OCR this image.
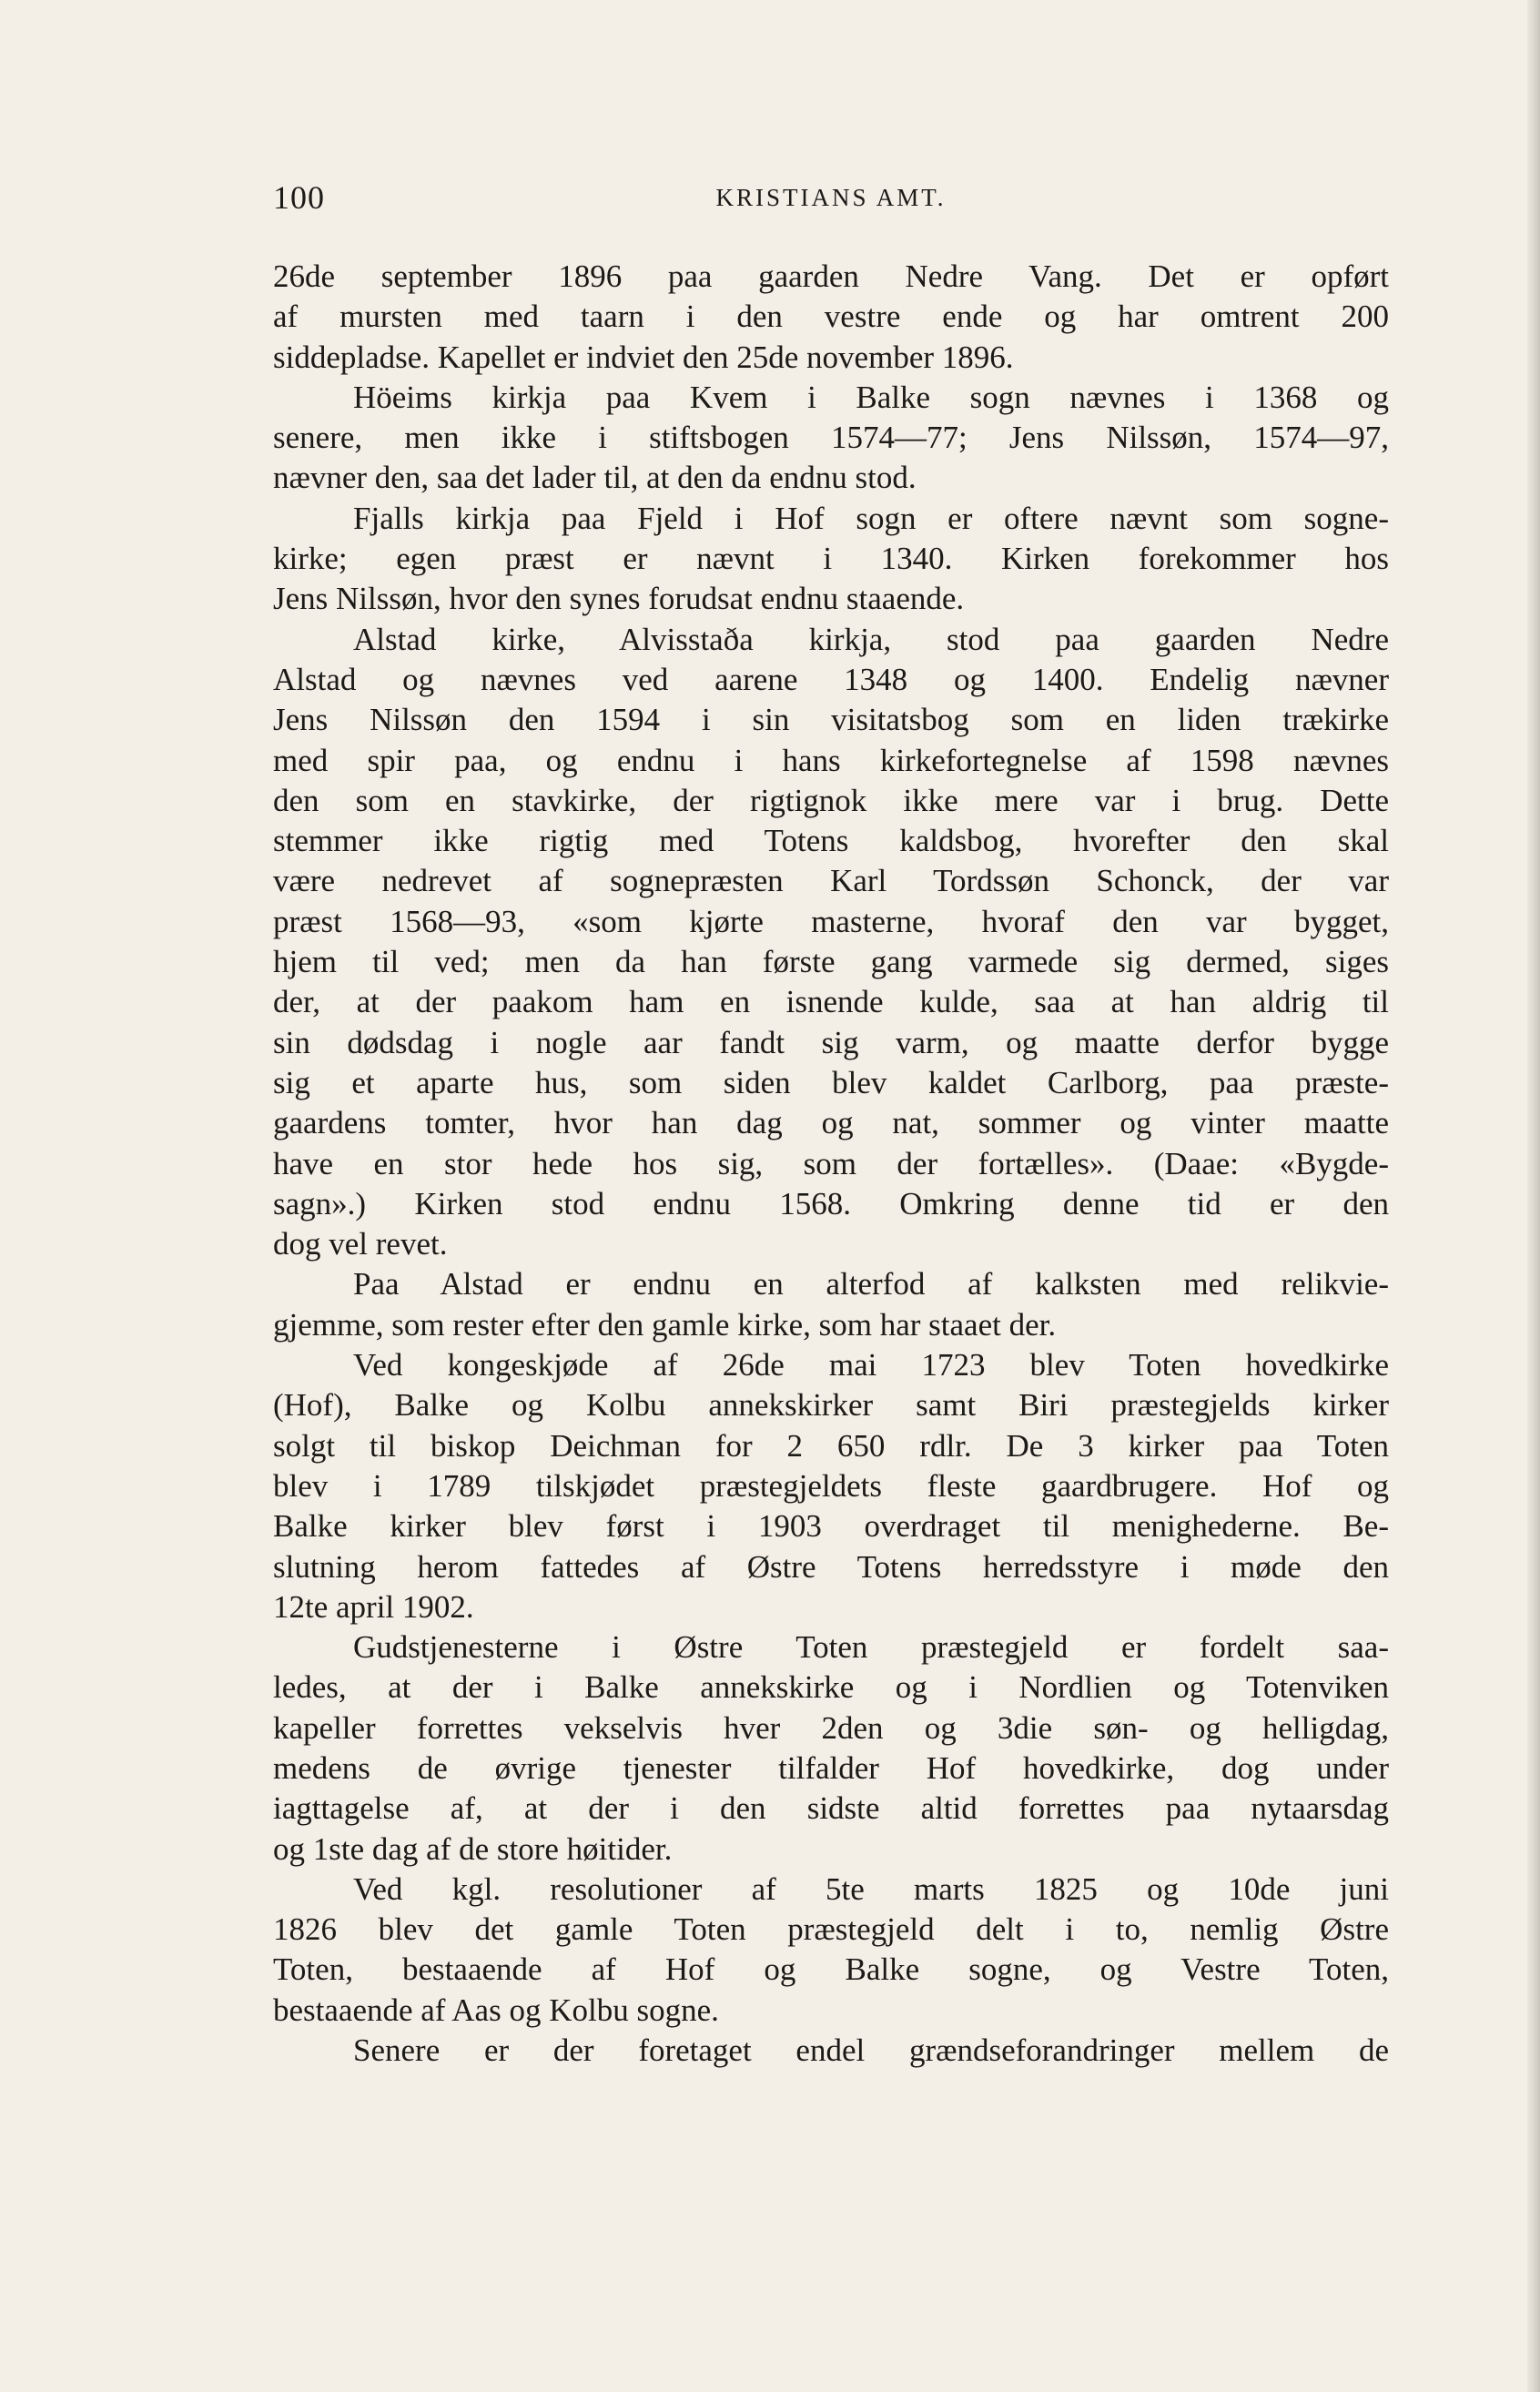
100	KRISTIANS AMT.
26de september 1896 paa gaarden Nedre Vang. Det er opført
af mursten med taarn i den vestre ende og har omtrent 200
siddepladse. Kapellet er indviet den 25de november 1896.
Höeims kirkja paa Kvem i Balke sogn nævnes i 1368 og
senere, men ikke i stiftsbogen 1574—77; Jens Nilssøn, 1574—97,
nævner den, saa det lader til, at den da endnu stod.
Fjalls kirkja paa Fjeld i Hof sogn er oftere nævnt som sogne-
kirke; egen præst er nævnt i 1340. Kirken forekommer hos
Jens Nilssøn, hvor den synes forudsat endnu staaende.
Alstad kirke, Alvisstaða kirkja, stod paa gaarden Nedre
Alstad og nævnes ved aarene 1348 og 1400. Endelig nævner
Jens Nilssøn den 1594 i sin visitatsbog som en liden trækirke
med spir paa, og endnu i hans kirkefortegnelse af 1598 nævnes
den som en stavkirke, der rigtignok ikke mere var i brug. Dette
stemmer ikke rigtig med Totens kaldsbog, hvorefter den skal
være nedrevet af sognepræsten Karl Tordssøn Schonck, der var
præst 1568—93, «som kjørte masterne, hvoraf den var bygget,
hjem til ved; men da han første gang varmede sig dermed, siges
der, at der paakom ham en isnende kulde, saa at han aldrig til
sin dødsdag i nogle aar fandt sig varm, og maatte derfor bygge
sig et aparte hus, som siden blev kaldet Carlborg, paa præste-
gaardens tomter, hvor han dag og nat, sommer og vinter maatte
have en stor hede hos sig, som der fortælles». (Daae: «Bygde-
sagn».) Kirken stod endnu 1568. Omkring denne tid er den
dog vel revet.
Paa Alstad er endnu en alterfod af kalksten med relikvie-
gjemme, som rester efter den gamle kirke, som har staaet der.
Ved kongeskjøde af 26de mai 1723 blev Toten hovedkirke
(Hof), Balke og Kolbu annekskirker samt Biri præstegjelds kirker
solgt til biskop Deichman for 2 650 rdlr. De 3 kirker paa Toten
blev i 1789 tilskjødet præstegjeldets fleste gaardbrugere. Hof og
Balke kirker blev først i 1903 overdraget til menighederne. Be-
slutning herom fattedes af Østre Totens herredsstyre i møde den
12te april 1902.
Gudstjenesterne i Østre Toten præstegjeld er fordelt saa-
ledes, at der i Balke annekskirke og i Nordlien og Totenviken
kapeller forrettes vekselvis hver 2den og 3die søn- og helligdag,
medens de øvrige tjenester tilfalder Hof hovedkirke, dog under
iagttagelse af, at der i den sidste altid forrettes paa nytaarsdag
og 1ste dag af de store høitider.
Ved kgl. resolutioner af 5te marts 1825 og 10de juni
1826 blev det gamle Toten præstegjeld delt i to, nemlig Østre
Toten, bestaaende af Hof og Balke sogne, og Vestre Toten,
bestaaende af Aas og Kolbu sogne.
Senere er der foretaget endel grændseforandringer mellem de
